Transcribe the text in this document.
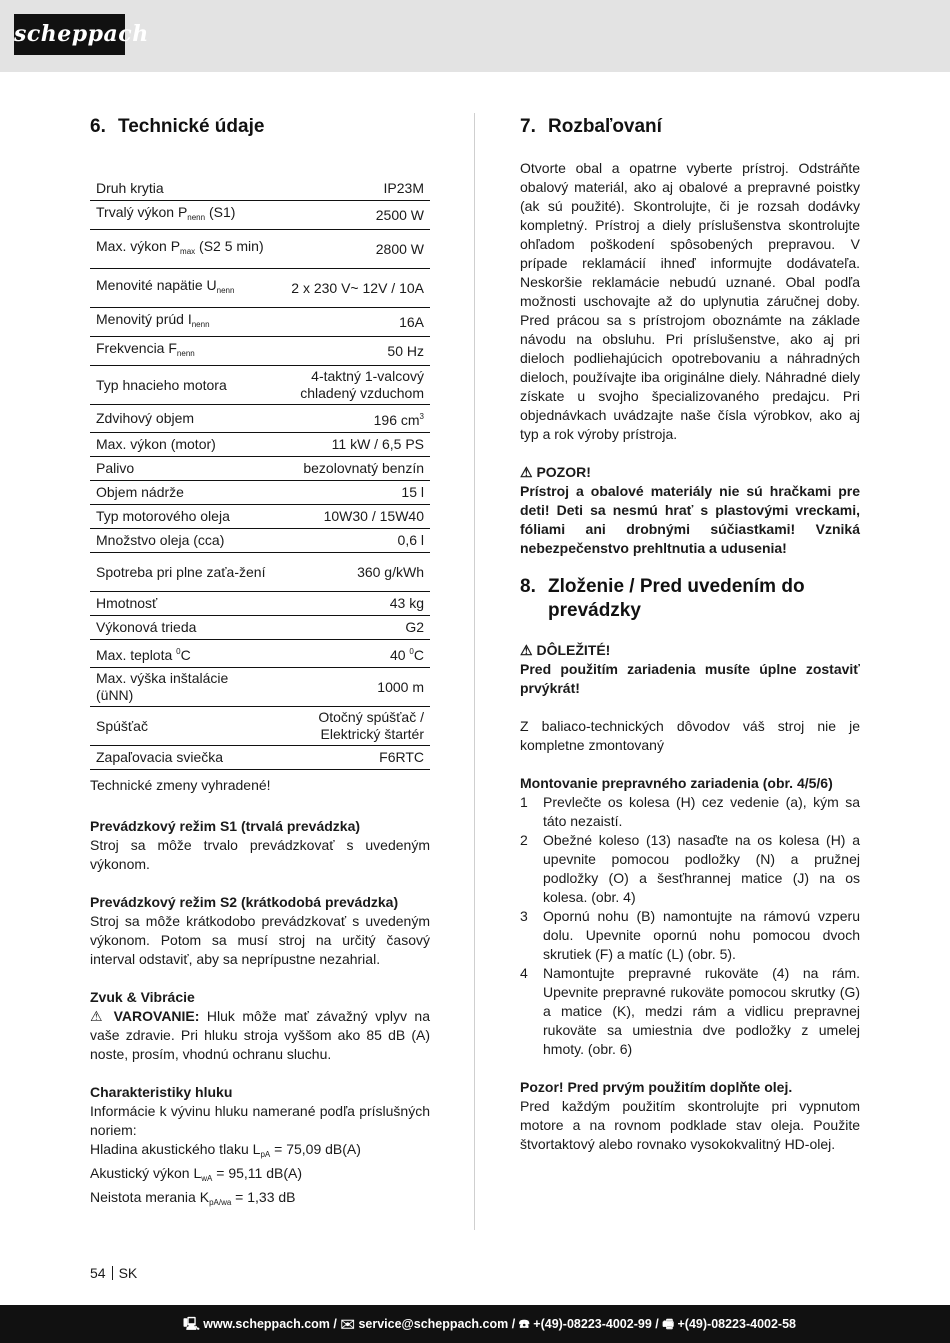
scheppach
6. Technické údaje
Druh krytia	IP23M
Trvalý výkon $P_{nenn}$ (S1)	2500 W
Max. výkon $P_{max}$ (S2 5 min)	2800 W
Menovité napätie $U_{nenn}$	2 x 230 V~ 12V / 10A
Menovitý prúd $I_{nenn}$	16A
Frekvencia $F_{nenn}$	50 Hz
Typ hnacieho motora	4-taktný 1-valcový chladený vzduchom
Zdvihový objem	196 $cm^3$
Max. výkon (motor)	11 kW / 6,5 PS
Palivo	bezolovnatý benzín
Objem nádrže	15 l
Typ motorového oleja	10W30 / 15W40
Množstvo oleja (cca)	0,6 l
Spotreba pri plne zaťa-žení	360 g/kWh
Hmotnosť	43 kg
Výkonová trieda	G2
Max. teplota $^0$C	40 $^0$C
Max. výška inštalácie (üNN)	1000 m
Spúšťač	Otočný spúšťač / Elektrický štartér
Zapaľovacia sviečka	F6RTC

Technické zmeny vyhradené!

Prevádzkový režim S1 (trvalá prevádzka)

Stroj sa môže trvalo prevádzkovať s uvedeným výkonom.

Prevádzkový režim S2 (krátkodobá prevádzka)

Stroj sa môže krátkodobo prevádzkovať s uvedeným výkonom. Potom sa musí stroj na určitý časový interval odstaviť, aby sa neprípustne nezahrial.

Zvuk & Vibrácie

⚠ VAROVANIE: Hluk môže mať závažný vplyv na vaše zdravie. Pri hluku stroja vyššom ako 85 dB (A) noste, prosím, vhodnú ochranu sluchu.

Charakteristiky hluku

Informácie k vývinu hluku namerané podľa príslušných noriem:

Hladina akustického tlaku $L_{pA} = 75,09$ dB(A)

Akustický výkon $L_{wA} = 95,11$ dB(A)

Neistota merania $K_{pA/wa} = 1,33$ dB

7. Rozbaľovaní

Otvorte obal a opatrne vyberte prístroj. Odstráňte obalový materiál, ako aj obalové a prepravné poistky (ak sú použité). Skontrolujte, či je rozsah dodávky kompletný. Prístroj a diely príslušenstva skontrolujte ohľadom poškodení spôsobených prepravou. V prípade reklamácií ihneď informujte dodávateľa. Neskoršie reklamácie nebudú uznané. Obal podľa možnosti uschovajte až do uplynutia záručnej doby. Pred prácou sa s prístrojom oboznámte na základe návodu na obsluhu. Pri príslušenstve, ako aj pri dieloch podliehajúcich opotrebovaniu a náhradných dieloch, používajte iba originálne diely. Náhradné diely získate u svojho špecializovaného predajcu. Pri objednávkach uvádzajte naše čísla výrobkov, ako aj typ a rok výroby prístroja.

⚠ POZOR!

Prístroj a obalové materiály nie sú hračkami pre deti! Deti sa nesmú hrať s plastovými vreckami, fóliami ani drobnými súčiastkami! Vzniká nebezpečenstvo prehltnutia a udusenia!

8. Zloženie / Pred uvedením do prevádzky

⚠ DÔLEŽITÉ!

Pred použitím zariadenia musíte úplne zostaviť prvýkrát!

Z baliaco-technických dôvodov váš stroj nie je kompletne zmontovaný

Montovanie prepravného zariadenia (obr. 4/5/6)

1 Prevlečte os kolesa (H) cez vedenie (a), kým sa táto nezaistí.
2 Obežné koleso (13) nasaďte na os kolesa (H) a upevnite pomocou podložky (N) a pružnej podložky (O) a šesťhrannej matice (J) na os kolesa. (obr. 4)
3 Opornú nohu (B) namontujte na rámovú vzperu dolu. Upevnite opornú nohu pomocou dvoch skrutiek (F) a matíc (L) (obr. 5).
4 Namontujte prepravné rukoväte (4) na rám. Upevnite prepravné rukoväte pomocou skrutky (G) a matice (K), medzi rám a vidlicu prepravnej rukoväte sa umiestnia dve podložky z umelej hmoty. (obr. 6)

Pozor! Pred prvým použitím doplňte olej.

Pred každým použitím skontrolujte pri vypnutom motore a na rovnom podklade stav oleja. Použite štvortaktový alebo rovnako vysokokvalitný HD-olej.

54 SK
🖳 www.scheppach.com / ✉ service@scheppach.com / ☎ +(49)-08223-4002-99 / 🖷 +(49)-08223-4002-58
